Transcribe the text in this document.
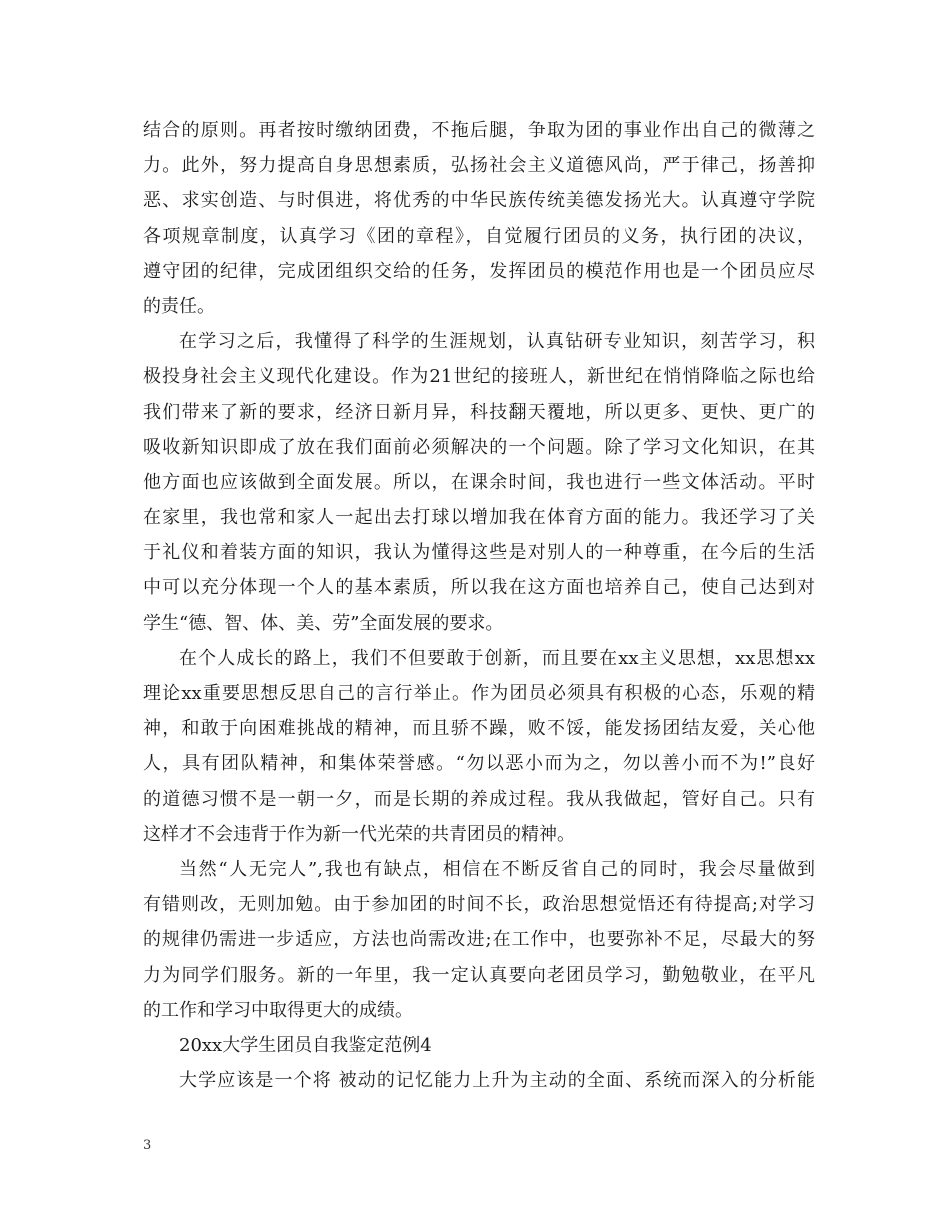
结合的原则。再者按时缴纳团费，不拖后腿，争取为团的事业作出自己的微薄之
力。此外，努力提高自身思想素质，弘扬社会主义道德风尚，严于律己，扬善抑
恶、求实创造、与时俱进，将优秀的中华民族传统美德发扬光大。认真遵守学院
各项规章制度，认真学习《团的章程》，自觉履行团员的义务，执行团的决议，
遵守团的纪律，完成团组织交给的任务，发挥团员的模范作用也是一个团员应尽
的责任。
在学习之后，我懂得了科学的生涯规划，认真钻研专业知识，刻苦学习，积
极投身社会主义现代化建设。作为21世纪的接班人，新世纪在悄悄降临之际也给
我们带来了新的要求，经济日新月异，科技翻天覆地，所以更多、更快、更广的
吸收新知识即成了放在我们面前必须解决的一个问题。除了学习文化知识，在其
他方面也应该做到全面发展。所以，在课余时间，我也进行一些文体活动。平时
在家里，我也常和家人一起出去打球以增加我在体育方面的能力。我还学习了关
于礼仪和着装方面的知识，我认为懂得这些是对别人的一种尊重，在今后的生活
中可以充分体现一个人的基本素质，所以我在这方面也培养自己，使自己达到对
学生“德、智、体、美、劳”全面发展的要求。
在个人成长的路上，我们不但要敢于创新，而且要在xx主义思想，xx思想xx
理论xx重要思想反思自己的言行举止。作为团员必须具有积极的心态，乐观的精
神，和敢于向困难挑战的精神，而且骄不躁，败不馁，能发扬团结友爱，关心他
人，具有团队精神，和集体荣誉感。“勿以恶小而为之，勿以善小而不为!”良好
的道德习惯不是一朝一夕，而是长期的养成过程。我从我做起，管好自己。只有
这样才不会违背于作为新一代光荣的共青团员的精神。
当然“人无完人”,我也有缺点，相信在不断反省自己的同时，我会尽量做到
有错则改，无则加勉。由于参加团的时间不长，政治思想觉悟还有待提高;对学习
的规律仍需进一步适应，方法也尚需改进;在工作中，也要弥补不足，尽最大的努
力为同学们服务。新的一年里，我一定认真要向老团员学习，勤勉敬业，在平凡
的工作和学习中取得更大的成绩。
20xx大学生团员自我鉴定范例4
大学应该是一个将 被动的记忆能力上升为主动的全面、系统而深入的分析能
3
